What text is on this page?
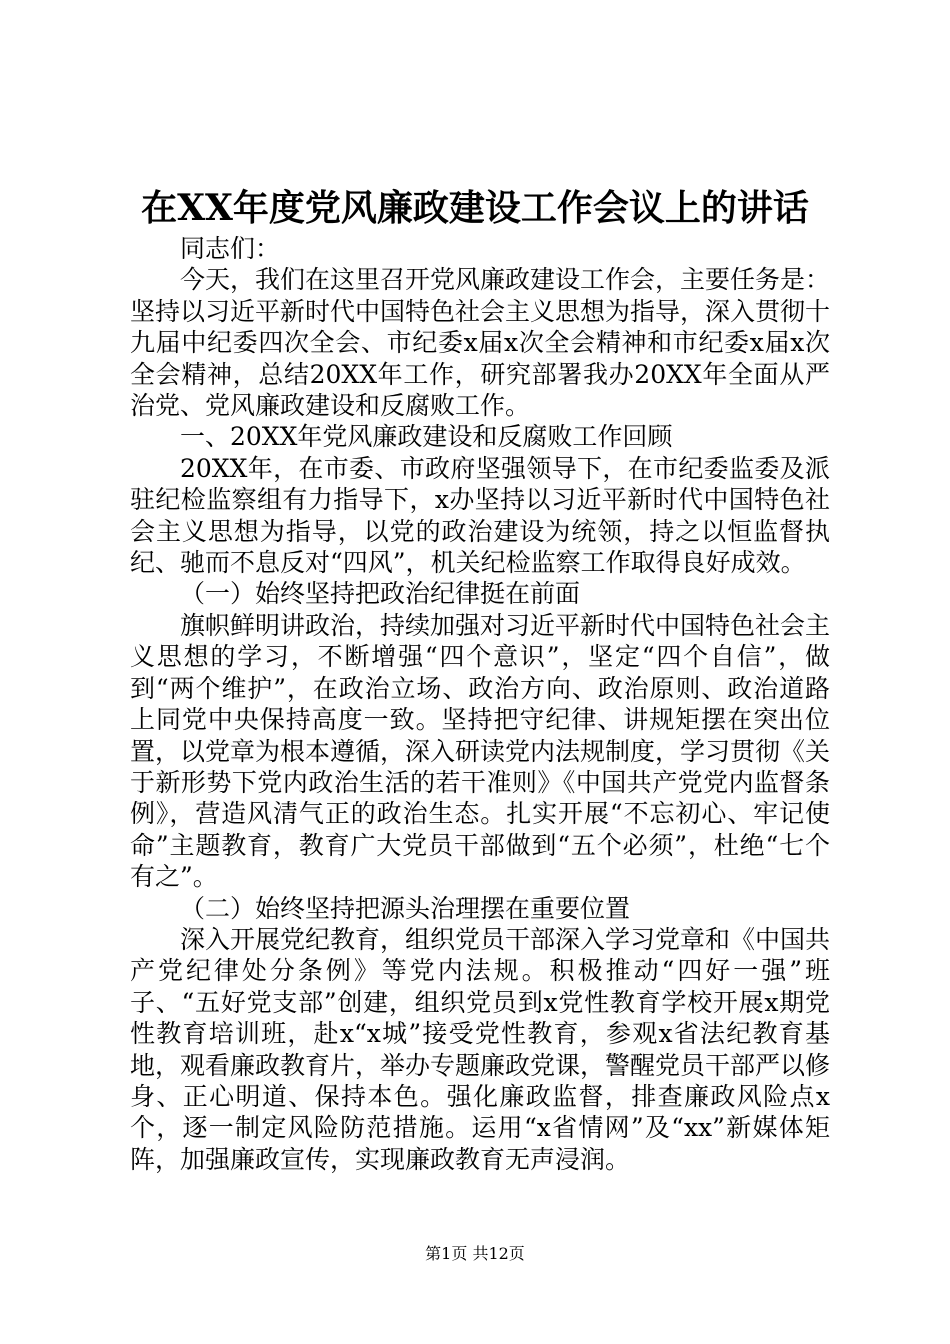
在XX年度党风廉政建设工作会议上的讲话

同志们：

今天，我们在这里召开党风廉政建设工作会，主要任务是：坚持以习近平新时代中国特色社会主义思想为指导，深入贯彻十九届中纪委四次全会、市纪委x届x次全会精神和市纪委x届x次全会精神，总结20XX年工作，研究部署我办20XX年全面从严治党、党风廉政建设和反腐败工作。

一、20XX年党风廉政建设和反腐败工作回顾

20XX年，在市委、市政府坚强领导下，在市纪委监委及派驻纪检监察组有力指导下，x办坚持以习近平新时代中国特色社会主义思想为指导，以党的政治建设为统领，持之以恒监督执纪、驰而不息反对“四风”，机关纪检监察工作取得良好成效。

（一）始终坚持把政治纪律挺在前面

旗帜鲜明讲政治，持续加强对习近平新时代中国特色社会主义思想的学习，不断增强“四个意识”，坚定“四个自信”，做到“两个维护”，在政治立场、政治方向、政治原则、政治道路上同党中央保持高度一致。坚持把守纪律、讲规矩摆在突出位置，以党章为根本遵循，深入研读党内法规制度，学习贯彻《关于新形势下党内政治生活的若干准则》《中国共产党党内监督条例》，营造风清气正的政治生态。扎实开展“不忘初心、牢记使命”主题教育，教育广大党员干部做到“五个必须”，杜绝“七个有之”。

（二）始终坚持把源头治理摆在重要位置

深入开展党纪教育，组织党员干部深入学习党章和《中国共产党纪律处分条例》等党内法规。积极推动“四好一强”班子、“五好党支部”创建，组织党员到x党性教育学校开展x期党性教育培训班，赴x“x城”接受党性教育，参观x省法纪教育基地，观看廉政教育片，举办专题廉政党课，警醒党员干部严以修身、正心明道、保持本色。强化廉政监督，排查廉政风险点x个，逐一制定风险防范措施。运用“x省情网”及“xx”新媒体矩阵，加强廉政宣传，实现廉政教育无声浸润。

第1页 共12页
